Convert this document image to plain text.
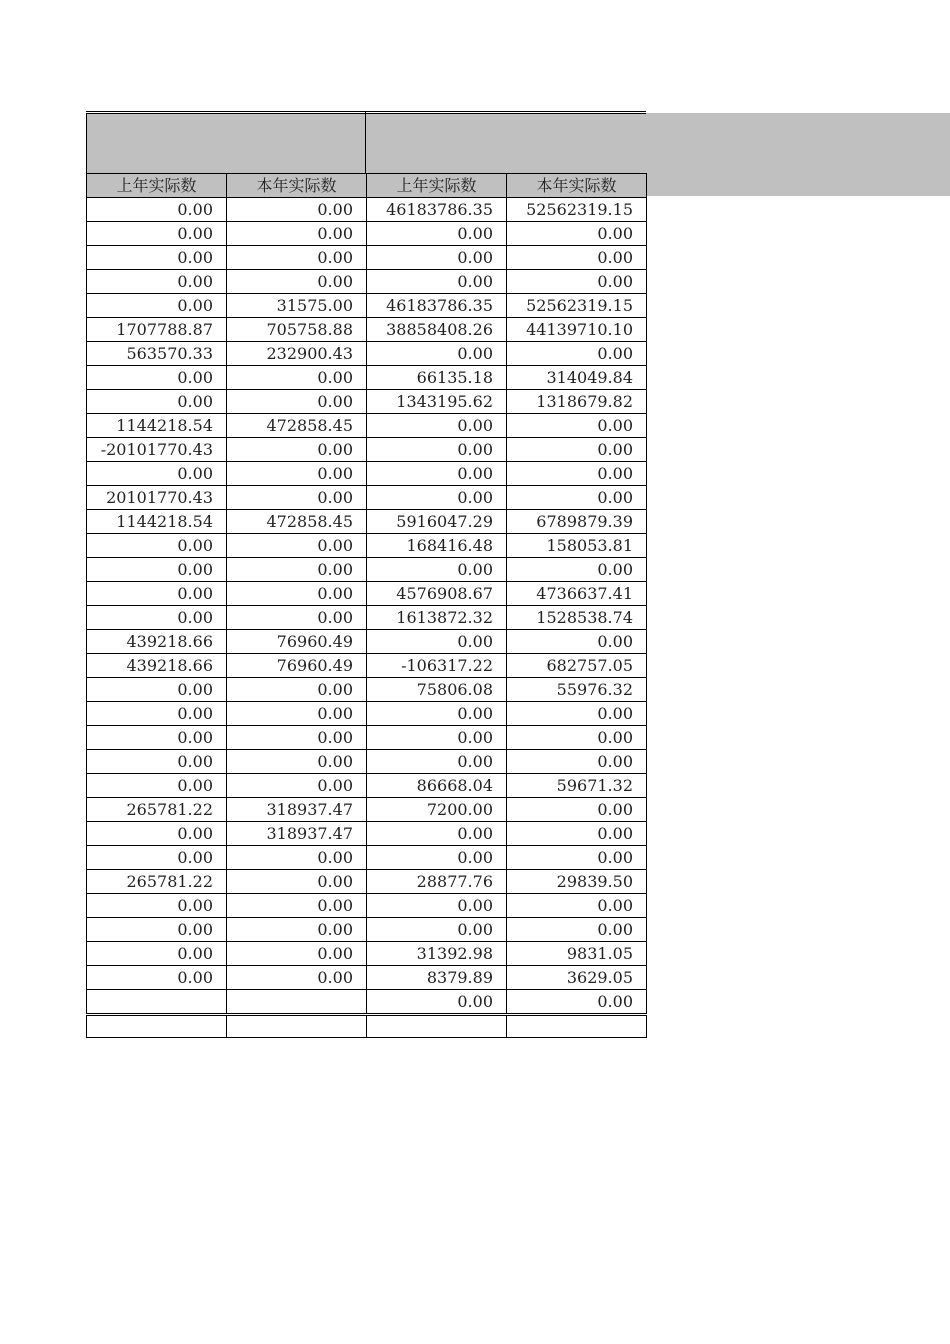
上年实际数	本年实际数	上年实际数	本年实际数
0.00	0.00	46183786.35	52562319.15
0.00	0.00	0.00	0.00
0.00	0.00	0.00	0.00
0.00	0.00	0.00	0.00
0.00	31575.00	46183786.35	52562319.15
1707788.87	705758.88	38858408.26	44139710.10
563570.33	232900.43	0.00	0.00
0.00	0.00	66135.18	314049.84
0.00	0.00	1343195.62	1318679.82
1144218.54	472858.45	0.00	0.00
-20101770.43	0.00	0.00	0.00
0.00	0.00	0.00	0.00
20101770.43	0.00	0.00	0.00
1144218.54	472858.45	5916047.29	6789879.39
0.00	0.00	168416.48	158053.81
0.00	0.00	0.00	0.00
0.00	0.00	4576908.67	4736637.41
0.00	0.00	1613872.32	1528538.74
439218.66	76960.49	0.00	0.00
439218.66	76960.49	-106317.22	682757.05
0.00	0.00	75806.08	55976.32
0.00	0.00	0.00	0.00
0.00	0.00	0.00	0.00
0.00	0.00	0.00	0.00
0.00	0.00	86668.04	59671.32
265781.22	318937.47	7200.00	0.00
0.00	318937.47	0.00	0.00
0.00	0.00	0.00	0.00
265781.22	0.00	28877.76	29839.50
0.00	0.00	0.00	0.00
0.00	0.00	0.00	0.00
0.00	0.00	31392.98	9831.05
0.00	0.00	8379.89	3629.05
		0.00	0.00
